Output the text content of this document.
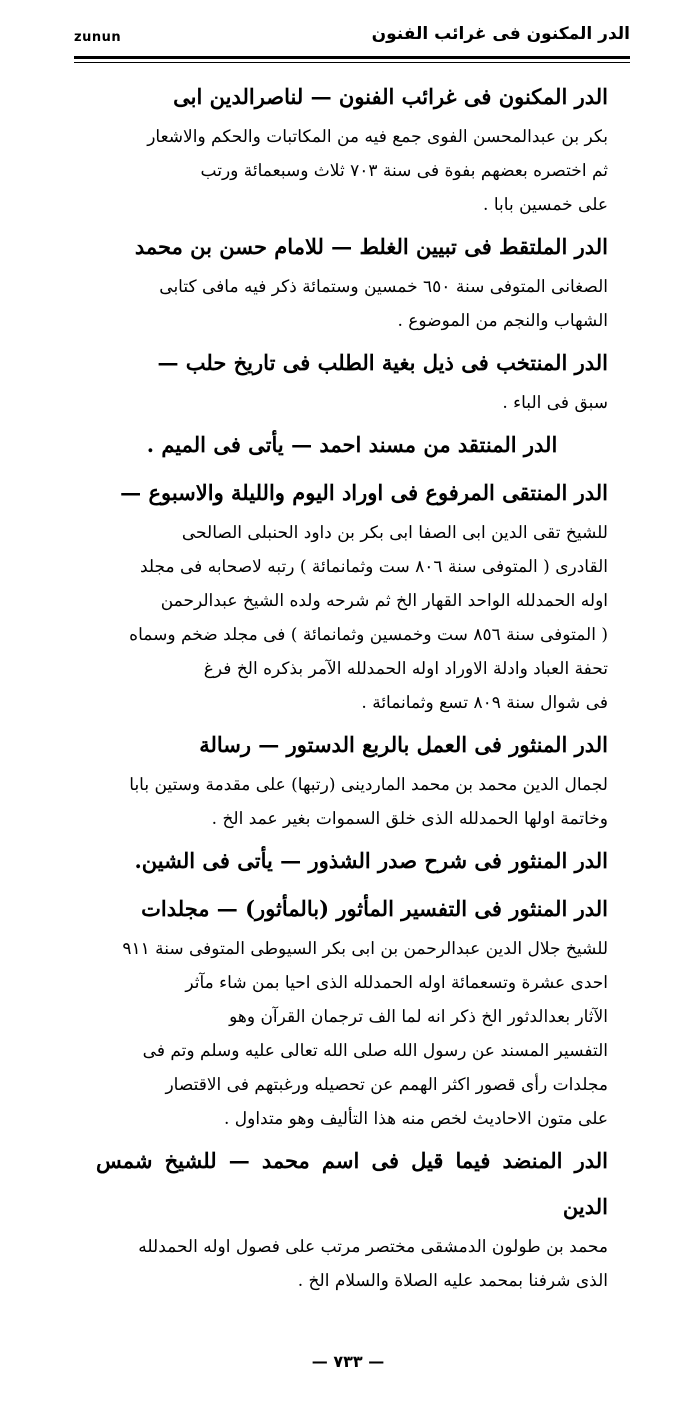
zunun	الدر المكنون فى غرائب الفنون

الدر المكنون فى غرائب الفنون — لناصرالدين ابى

بكر بن عبدالمحسن الفوى جمع فيه من المكاتبات والحكم والاشعار

ثم اختصره بعضهم بفوة فى سنة ٧٠٣ ثلاث وسبعمائة ورتب

على خمسين بابا .

الدر الملتقط فى تبيين الغلط — للامام حسن بن محمد

الصغانى المتوفى سنة ٦٥٠ خمسين وستمائة ذكر فيه مافى كتابى

الشهاب والنجم من الموضوع .

الدر المنتخب فى ذيل بغية الطلب فى تاريخ حلب —

سبق فى الباء .

الدر المنتقد من مسند احمد — يأتى فى الميم .

الدر المنتقى المرفوع فى اوراد اليوم والليلة والاسبوع —

للشيخ تقى الدين ابى الصفا ابى بكر بن داود الحنبلى الصالحى

القادرى ( المتوفى سنة ٨٠٦ ست وثمانمائة ) رتبه لاصحابه فى مجلد

اوله الحمدلله الواحد القهار الخ ثم شرحه ولده الشيخ عبدالرحمن

( المتوفى سنة ٨٥٦ ست وخمسين وثمانمائة ) فى مجلد ضخم وسماه

تحفة العباد وادلة الاوراد اوله الحمدلله الآمر بذكره الخ فرغ

فى شوال سنة ٨٠٩ تسع وثمانمائة .

الدر المنثور فى العمل بالربع الدستور — رسالة

لجمال الدين محمد بن محمد الماردينى (رتبها) على مقدمة وستين بابا

وخاتمة اولها الحمدلله الذى خلق السموات بغير عمد الخ .

الدر المنثور فى شرح صدر الشذور — يأتى فى الشين.

الدر المنثور فى التفسير المأثور (بالمأثور) — مجلدات

للشيخ جلال الدين عبدالرحمن بن ابى بكر السيوطى المتوفى سنة ٩١١

احدى عشرة وتسعمائة اوله الحمدلله الذى احيا بمن شاء مآثر

الآثار بعدالدثور الخ ذكر انه لما الف ترجمان القرآن وهو

التفسير المسند عن رسول الله صلى الله تعالى عليه وسلم وتم فى

مجلدات رأى قصور اكثر الهمم عن تحصيله ورغبتهم فى الاقتصار

على متون الاحاديث لخص منه هذا التأليف وهو متداول .

الدر المنضد فيما قيل فى اسم محمد — للشيخ شمس الدين

محمد بن طولون الدمشقى مختصر مرتب على فصول اوله الحمدلله

الذى شرفنا بمحمد عليه الصلاة والسلام الخ .

— ٧٣٣ —
